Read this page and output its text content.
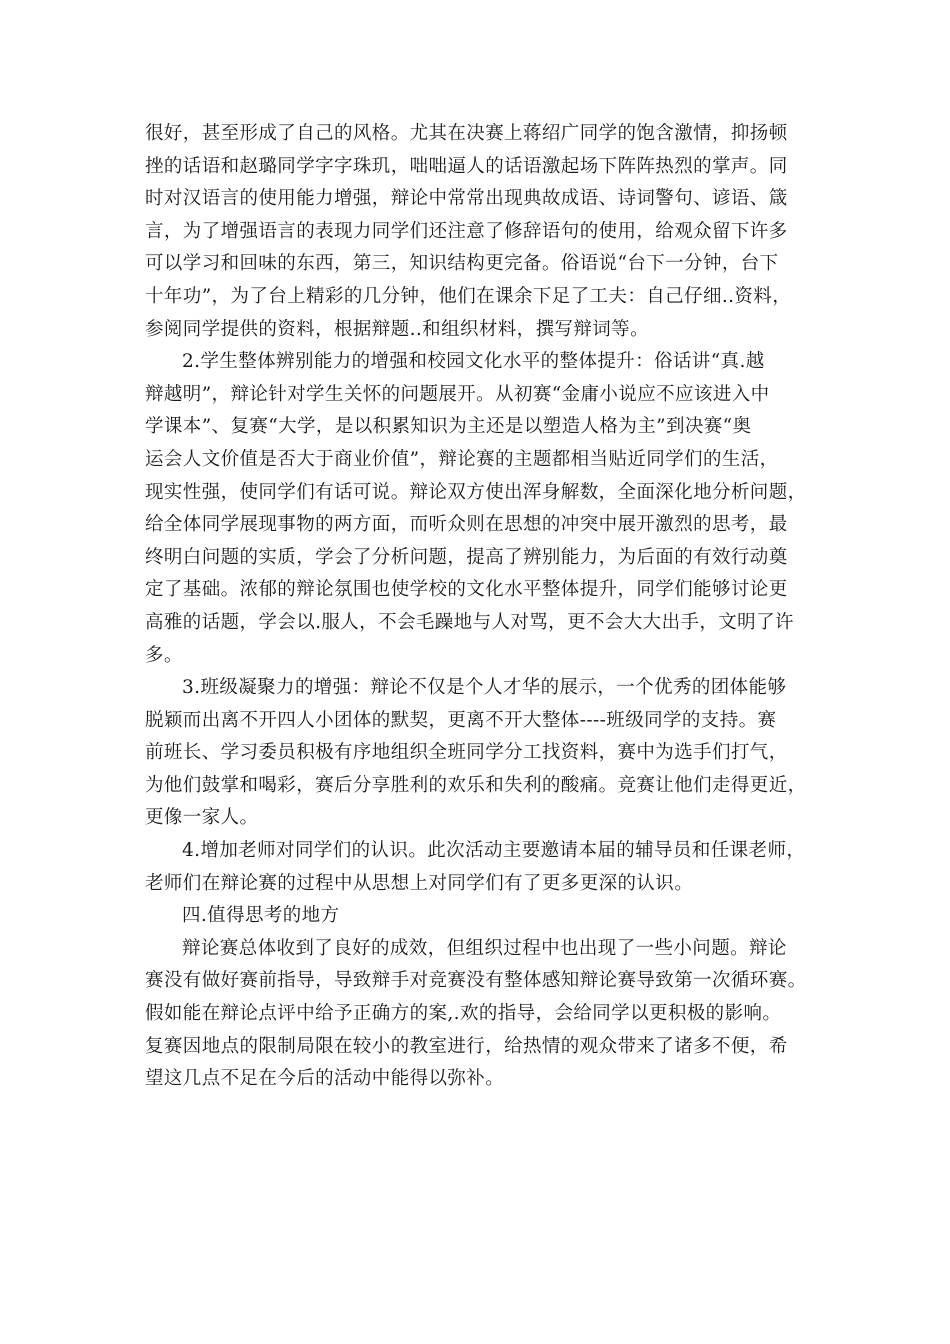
很好，甚至形成了自己的风格。尤其在决赛上蒋绍广同学的饱含激情，抑扬顿
挫的话语和赵璐同学字字珠玑，咄咄逼人的话语激起场下阵阵热烈的掌声。同
时对汉语言的使用能力增强，辩论中常常出现典故成语、诗词警句、谚语、箴
言，为了增强语言的表现力同学们还注意了修辞语句的使用，给观众留下许多
可以学习和回味的东西，第三，知识结构更完备。俗语说“台下一分钟，台下
十年功”，为了台上精彩的几分钟，他们在课余下足了工夫：自己仔细..资料，
参阅同学提供的资料，根据辩题..和组织材料，撰写辩词等。
2.学生整体辨别能力的增强和校园文化水平的整体提升：俗话讲“真.越
辩越明”，辩论针对学生关怀的问题展开。从初赛“金庸小说应不应该进入中
学课本”、复赛“大学，是以积累知识为主还是以塑造人格为主”到决赛“奥
运会人文价值是否大于商业价值”，辩论赛的主题都相当贴近同学们的生活，
现实性强，使同学们有话可说。辩论双方使出浑身解数，全面深化地分析问题，
给全体同学展现事物的两方面，而听众则在思想的冲突中展开激烈的思考，最
终明白问题的实质，学会了分析问题，提高了辨别能力，为后面的有效行动奠
定了基础。浓郁的辩论氛围也使学校的文化水平整体提升，同学们能够讨论更
高雅的话题，学会以.服人，不会毛躁地与人对骂，更不会大大出手，文明了许
多。
3.班级凝聚力的增强：辩论不仅是个人才华的展示，一个优秀的团体能够
脱颖而出离不开四人小团体的默契，更离不开大整体----班级同学的支持。赛
前班长、学习委员积极有序地组织全班同学分工找资料，赛中为选手们打气，
为他们鼓掌和喝彩，赛后分享胜利的欢乐和失利的酸痛。竞赛让他们走得更近，
更像一家人。
4.增加老师对同学们的认识。此次活动主要邀请本届的辅导员和任课老师，
老师们在辩论赛的过程中从思想上对同学们有了更多更深的认识。
四.值得思考的地方
辩论赛总体收到了良好的成效，但组织过程中也出现了一些小问题。辩论
赛没有做好赛前指导，导致辩手对竞赛没有整体感知辩论赛导致第一次循环赛。
假如能在辩论点评中给予正确方的案,.欢的指导，会给同学以更积极的影响。
复赛因地点的限制局限在较小的教室进行，给热情的观众带来了诸多不便，希
望这几点不足在今后的活动中能得以弥补。
